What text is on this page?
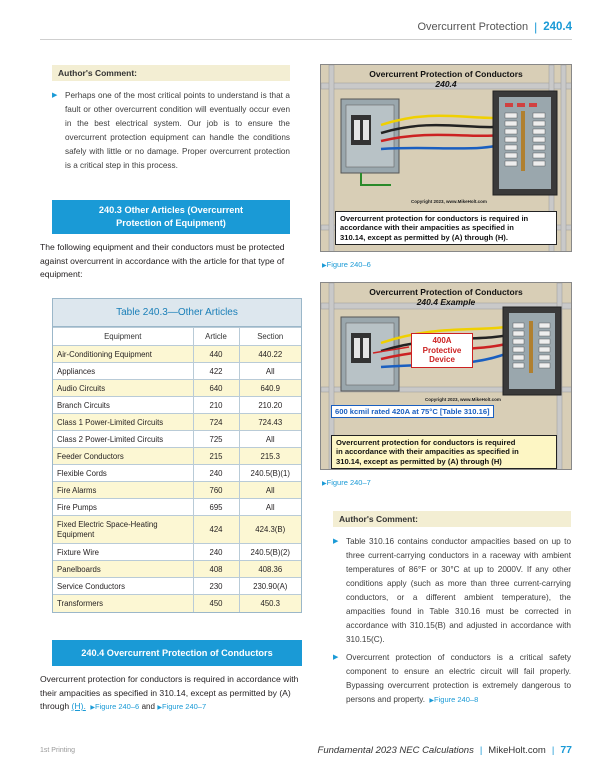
Overcurrent Protection | 240.4
Author's Comment:
▶ Perhaps one of the most critical points to understand is that a fault or other overcurrent condition will eventually occur even in the best electrical system. Our job is to ensure the overcurrent protection equipment can handle the conditions safely with little or no damage. Proper overcurrent protection is a critical step in this process.
240.3 Other Articles (Overcurrent
Protection of Equipment)
The following equipment and their conductors must be protected against overcurrent in accordance with the article for that type of equipment:
Table 240.3—Other Articles
Equipment	Article	Section
Air-Conditioning Equipment	440	440.22
Appliances	422	All
Audio Circuits	640	640.9
Branch Circuits	210	210.20
Class 1 Power-Limited Circuits	724	724.43
Class 2 Power-Limited Circuits	725	All
Feeder Conductors	215	215.3
Flexible Cords	240	240.5(B)(1)
Fire Alarms	760	All
Fire Pumps	695	All
Fixed Electric Space-Heating Equipment	424	424.3(B)
Fixture Wire	240	240.5(B)(2)
Panelboards	408	408.36
Service Conductors	230	230.90(A)
Transformers	450	450.3
240.4 Overcurrent Protection of Conductors
Overcurrent protection for conductors is required in accordance with
their ampacities as specified in 310.14, except as permitted by (A)
through (H). ▶Figure 240–6 and ▶Figure 240–7
Overcurrent Protection of Conductors
240.4
Copyright 2023, www.MikeHolt.com
Overcurrent protection for conductors is required in
accordance with their ampacities as specified in
310.14, except as permitted by (A) through (H).
▶Figure 240–6
Overcurrent Protection of Conductors
240.4 Example
400A
Protective
Device
Copyright 2023, www.MikeHolt.com
600 kcmil rated 420A at 75°C [Table 310.16]
Overcurrent protection for conductors is required
in accordance with their ampacities as specified in
310.14, except as permitted by (A) through (H)
▶Figure 240–7
Author's Comment:
▶ Table 310.16 contains conductor ampacities based on up to three current-carrying conductors in a raceway with ambient temperatures of 86°F or 30°C at up to 2000V. If any other conditions apply (such as more than three current-carrying conductors, or a different ambient temperature), the ampacities found in Table 310.16 must be corrected in accordance with 310.15(B) and adjusted in accordance with 310.15(C).
▶ Overcurrent protection of conductors is a critical safety component to ensure an electric circuit will fail properly. Bypassing overcurrent protection is extremely dangerous to persons and property. ▶Figure 240–8
1st Printing	Fundamental 2023 NEC Calculations | MikeHolt.com | 77
